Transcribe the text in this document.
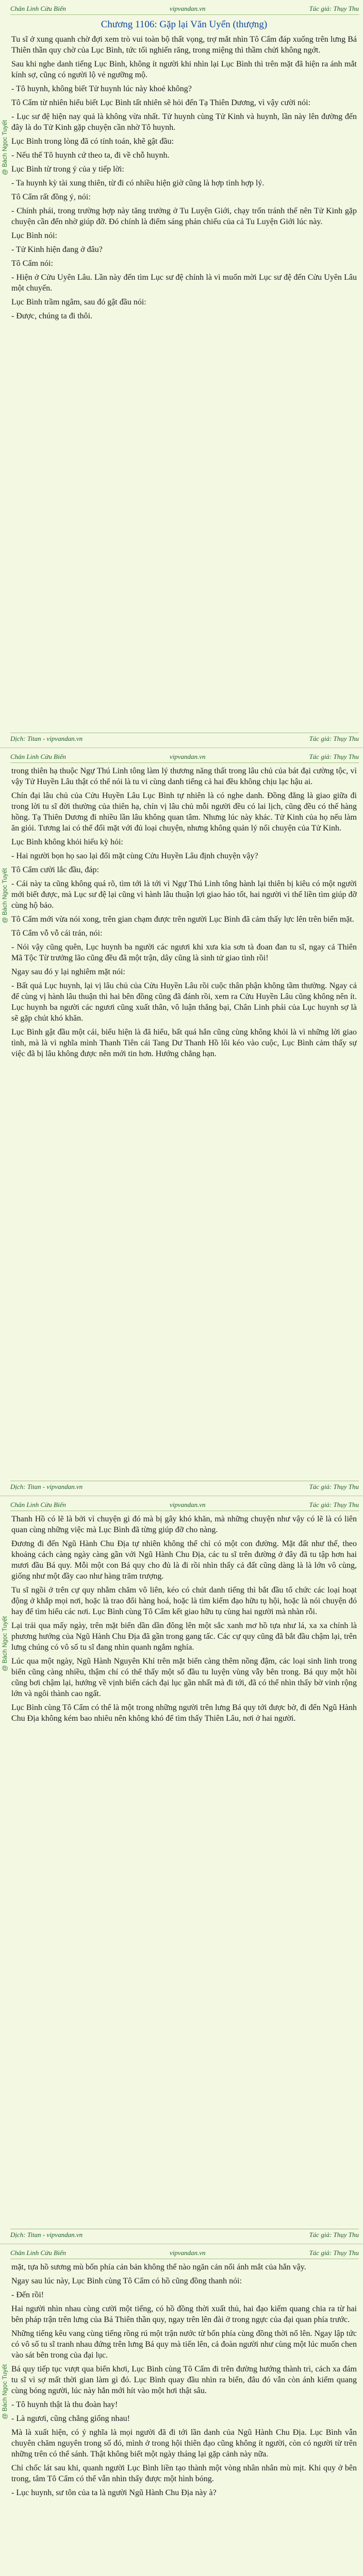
@ Bách Ngọc Tuyết
Chân Linh Cửu Biến	vipvandan.vn	Tác giả: Thụy Thu
Chương 1106: Gặp lại Văn Uyển (thượng)

Tu sĩ ở xung quanh chờ đợi xem trò vui toàn bộ thất vọng, trợ mắt nhìn Tô Cẩm đáp xuống trên lưng Bá Thiên thần quy chờ của Lục Bình, tức tối nghiến răng, trong miệng thì thầm chửi không ngớt.

Sau khi nghe danh tiếng Lục Bình, không ít người khi nhìn lại Lục Bình thì trên mặt đã hiện ra ánh mắt kính sợ, cũng có người lộ vẻ ngưỡng mộ.

- Tô huynh, không biết Tử huynh lúc này khoẻ không?

Tô Cẩm từ nhiên hiểu biết Lục Bình tất nhiên sẽ hỏi đến Tạ Thiên Dương, vì vậy cười nói:

- Lục sư đệ hiện nay quả là không vừa nhất. Tử huynh cùng Tử Kinh và huynh, lần này lên đường đến đây là do Tử Kinh gặp chuyện cần nhờ Tô huynh.

Lục Bình trong lòng đã có tính toán, khẽ gật đầu:

- Nếu thế Tô huynh cứ theo ta, đi về chỗ huynh.

Lục Bình từ trong ý của y tiếp lời:

- Ta huynh kỳ tài xung thiên, từ đi có nhiều hiện giờ cũng là hợp tình hợp lý.

Tô Cẩm rất đồng ý, nói:

- Chính phái, trong trường hợp này tăng trưởng ở Tu Luyện Giới, chạy trốn tránh thế nên Tử Kinh gặp chuyện cần đến nhờ giúp đỡ. Đó chính là điểm sáng phản chiếu của cả Tu Luyện Giới lúc này.

Lục Bình nói:

- Tử Kinh hiện đang ở đâu?

Tô Cẩm nói:

- Hiện ở Cửu Uyên Lâu. Lần này đến tìm Lục sư đệ chính là vì muốn mời Lục sư đệ đến Cửu Uyên Lâu một chuyến.

Lục Bình trầm ngâm, sau đó gật đầu nói:

- Được, chúng ta đi thôi.

Dịch: Titan - vipvandan.vn	Tác giả: Thụy Thu
@ Bách Ngọc Tuyết
Chân Linh Cửu Biến	vipvandan.vn	Tác giả: Thụy Thu

trong thiên hạ thuộc Ngự Thú Linh tông làm lý thương năng thất trong lâu chủ của bát đại cường tộc, vì vậy Tử Huyền Lâu thật có thể nói là tu vi cùng danh tiếng cả hai đều không chịu lạc hậu ai.

Chín đại lâu chủ của Cửu Huyền Lâu Lục Bình tự nhiên là có nghe danh. Đồng đẳng là giao giữa đi trong lời tu sĩ đời thường của thiên hạ, chín vị lâu chủ mỗi người đều có lai lịch, cũng đều có thể hàng hồng. Tạ Thiên Dương đi nhiều lần lâu không quan tâm. Nhưng lúc này khác. Tử Kinh của họ nếu làm ăn giỏi. Tương lai có thể đối mặt với đủ loại chuyện, nhưng không quản lý nổi chuyện của Tử Kinh.

Lục Bình không khỏi hiếu kỳ hỏi:

- Hai người bọn họ sao lại đối mặt cùng Cửu Huyền Lâu định chuyện vậy?

Tô Cẩm cười lắc đầu, đáp:

- Cái này ta cũng không quá rõ, tìm tới là tới vì Ngự Thú Linh tông hành lại thiên bị kiêu có một người mới biết được, mà Lục sư đệ lại cũng vì hành lâu thuận lợi giao hảo tốt, hai người vì thế liền tìm giúp đỡ cùng hộ bảo.

Tô Cẩm mới vừa nói xong, trên gian chạm được trên người Lục Bình đã cảm thấy lực lên trên biển mặt.

Tô Cẩm vỗ vỗ cái trán, nói:

- Nói vậy cũng quên, Lục huynh ba người các ngươi khi xưa kia sơn tà đoan đan tu sĩ, ngay cả Thiên Mã Tộc Từ trưởng lão cũng đều đã một trận, dây cũng là sinh tử giao tình rồi!

Ngay sau đó y lại nghiêm mặt nói:

- Bất quá Lục huynh, lại vị lâu chủ của Cửu Huyền Lâu rồi cuộc thân phận không tầm thường. Ngay cả để cùng vị hành lâu thuận thì hai bên đồng cũng đã đánh rồi, xem ra Cửu Huyền Lâu cũng không nên ít. Lục huynh ba người các ngươi cũng xuất thân, vô luận thắng bại, Chân Linh phái của Lục huynh sợ là sẽ gặp chút khó khăn.

Lục Bình gật đầu một cái, biểu hiện là đã hiểu, bất quá hắn cũng cùng không khỏi là vì những lời giao tình, mà là vì nghĩa mình Thanh Tiên cái Tang Dư Thanh Hồ lôi kéo vào cuộc, Lục Bình cảm thấy sự việc đã bị lâu không được nên mới tin hơn. Hướng chẳng hạn.

Dịch: Titan - vipvandan.vn	Tác giả: Thụy Thu
@ Bách Ngọc Tuyết
Chân Linh Cửu Biến	vipvandan.vn	Tác giả: Thụy Thu

Thanh Hồ có lẽ là bởi vì chuyện gì đó mà bị gây khó khăn, mà những chuyện như vậy có lẽ là có liên quan cùng những việc mà Lục Bình đã từng giúp đỡ cho nàng.

Đương đi đến Ngũ Hành Chu Địa tự nhiên không thể chỉ có một con đường. Mặt đất như thế, theo khoảng cách càng ngày càng gần với Ngũ Hành Chu Địa, các tu sĩ trên đường ở đây đã tu tập hơn hai mươi đầu Bá quy. Mỗi một con Bá quy cho đủ là đi rồi nhìn thấy cả đất cũng dàng là là lớn vô cùng, giống như một đầy cao như hàng trăm trượng.

Tu sĩ ngồi ở trên cự quy nhằm chăm vô liên, kéo có chút danh tiếng thì bắt đầu tổ chức các loại hoạt động ở khắp mọi nơi, hoặc là trao đổi hàng hoá, hoặc là tìm kiếm đạo hữu tụ hội, hoặc là nói chuyện đó hay để tìm hiểu các nơi. Lục Bình cùng Tô Cẩm kết giao hữu tụ cùng hai người mà nhàn rỗi.

Lại trải qua mấy ngày, trên mặt biển dần dần đông lên một sắc xanh mơ hồ tựa như lá, xa xa chính là phương hướng của Ngũ Hành Chu Địa đã gần trong gang tấc. Các cự quy cũng đã bắt đầu chậm lại, trên lưng chúng có vô số tu sĩ đang nhìn quanh ngắm nghía.

Lúc qua một ngày, Ngũ Hành Nguyên Khí trên mặt biển càng thêm nồng đậm, các loại sinh linh trong biển cũng càng nhiều, thậm chí có thể thấy một số đầu tu luyện vùng vẫy bên trong. Bá quy một hồi cũng bơi chậm lại, hướng về vịnh biển cách đại lục gần nhất mà đi tới, đã có thể nhìn thấy bờ vinh rộng lớn và ngôi thành cao ngất.

Lục Bình cùng Tô Cẩm có thể là một trong những người trên lưng Bá quy tới được bờ, đi đến Ngũ Hành Chu Địa không kém bao nhiêu nên không khó để tìm thấy Thiên Lâu, nơi ở hai người.

Dịch: Titan - vipvandan.vn	Tác giả: Thụy Thu
@ Bách Ngọc Tuyết
Chân Linh Cửu Biến	vipvandan.vn	Tác giả: Thụy Thu

mặt, tựa hồ sương mù bốn phía cản bản không thể nào ngăn cản nổi ánh mắt của hắn vậy.

Ngay sau lúc này, Lục Bình cùng Tô Cẩm có hồ cũng đồng thanh nói:

- Đến rồi!

Hai người nhìn nhau cùng cười một tiếng, có hồ đồng thời xuất thủ, hai đạo kiếm quang chia ra từ hai bên pháp trận trên lưng của Bá Thiên thần quy, ngay trên lên đài ở trong ngực của đại quan phía trước.

Những tiếng kêu vang cùng tiếng rồng rú một trận nước từ bốn phía cùng đồng thời nổ lên. Ngay lập tức có vô số tu sĩ tranh nhau đứng trên lưng Bá quy mà tiến lên, cả đoàn người như cùng một lúc muốn chen vào sát bên trong của đại lục.

Bá quy tiếp tục vượt qua biển khơi, Lục Bình cùng Tô Cẩm đi trên đường hướng thành trì, cách xa đám tu sĩ vì sợ mất thời gian làm gì đó. Lục Bình quay đầu nhìn ra biển, đâu đó vẫn còn ánh kiếm quang cùng bóng người, lúc này hắn mới hít vào một hơi thật sâu.

- Tô huynh thật là thu đoàn hay!

- Là ngươi, cũng chẳng giống nhau!

Mà là xuất hiện, có ý nghĩa là mọi người đã đi tới lần danh của Ngũ Hành Chu Địa. Lục Bình vẫn chuyên chăm nguyên trong số đó, mình ở trong hội thiên đạo cũng không ít người, còn có người từ trên những trên có thể sánh. Thật không biết một ngày tháng lại gặp cảnh này nữa.

Chỉ chốc lát sau khi, quanh người Lục Bình liền tạo thành một vòng nhân nhân mù mịt. Khi quy ở bên trong, tâm Tô Cẩm có thể vẫn nhìn thấy được một hình bóng.

- Lục huynh, sư tôn của ta là người Ngũ Hành Chu Địa này à?
